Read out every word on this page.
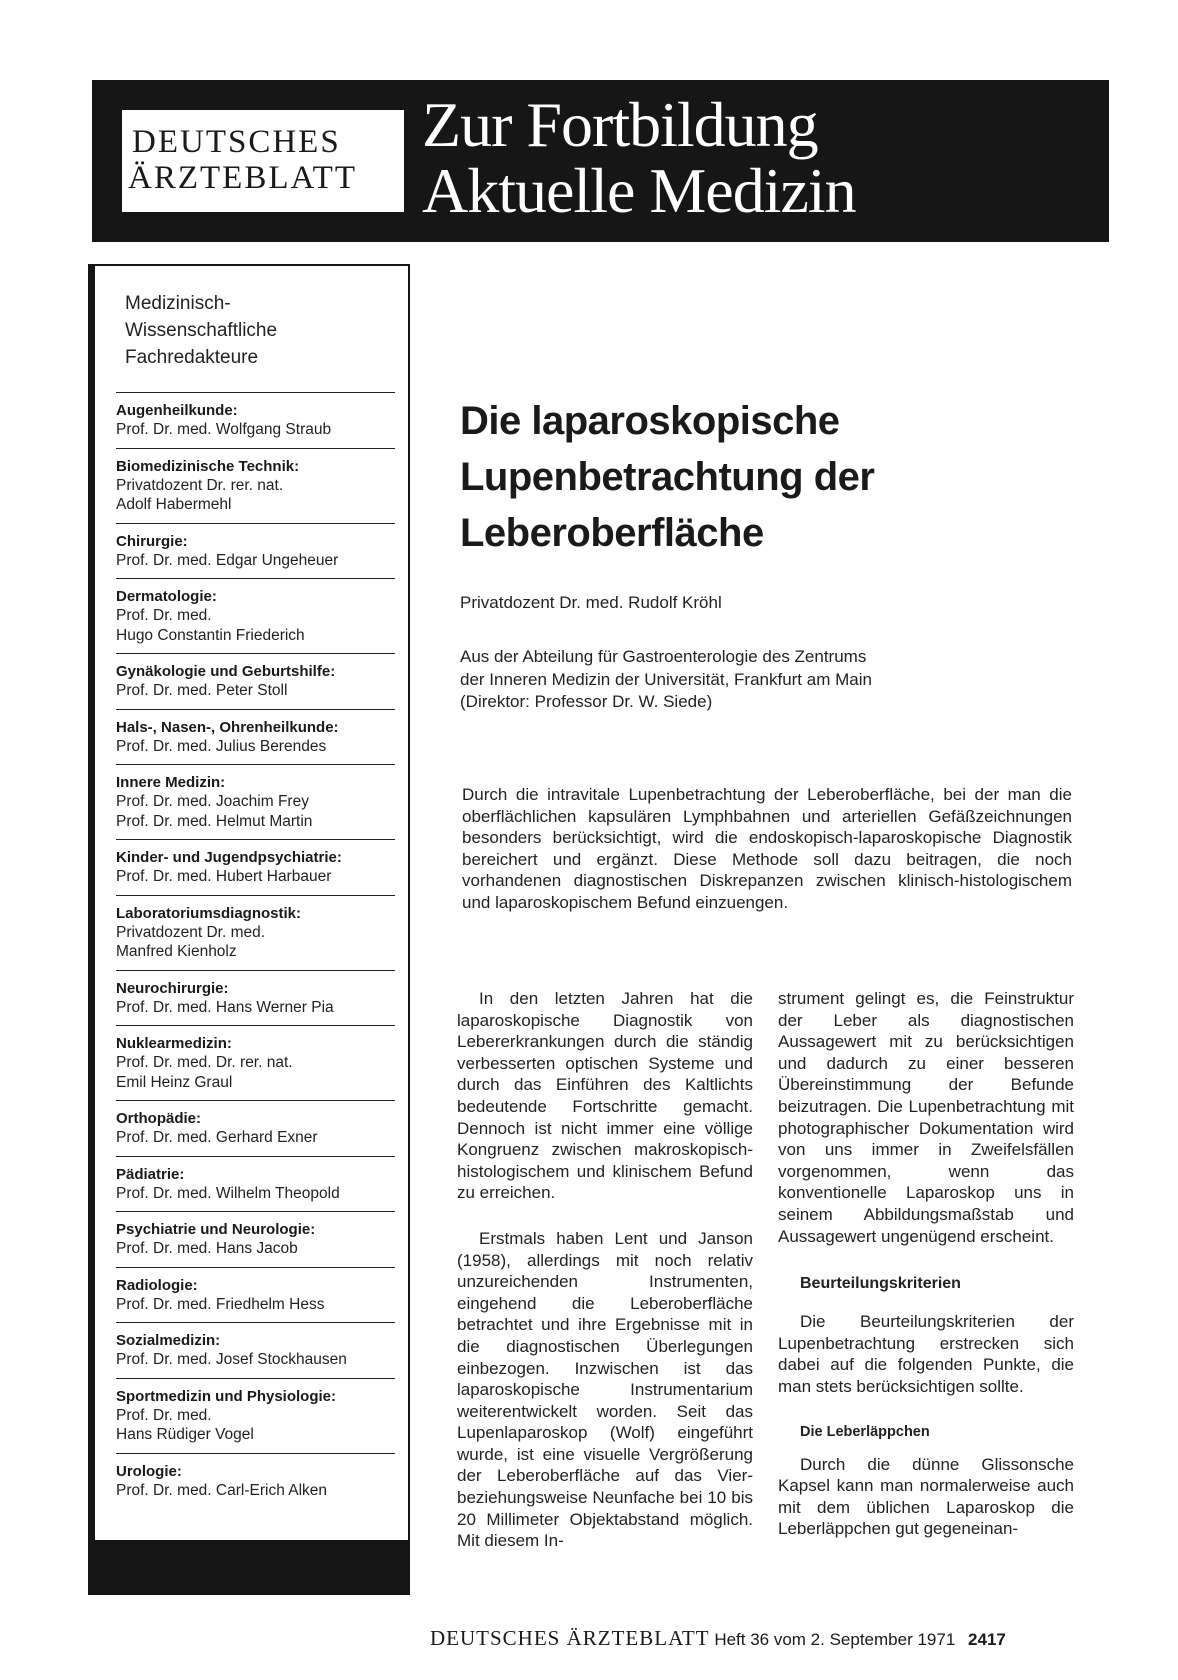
DEUTSCHES
ÄRZTEBLATT
Zur Fortbildung
Aktuelle Medizin
Medizinisch-
Wissenschaftliche
Fachredakteure
Augenheilkunde:
Prof. Dr. med. Wolfgang Straub
Biomedizinische Technik:
Privatdozent Dr. rer. nat.
Adolf Habermehl
Chirurgie:
Prof. Dr. med. Edgar Ungeheuer
Dermatologie:
Prof. Dr. med.
Hugo Constantin Friederich
Gynäkologie und Geburtshilfe:
Prof. Dr. med. Peter Stoll
Hals-, Nasen-, Ohrenheilkunde:
Prof. Dr. med. Julius Berendes
Innere Medizin:
Prof. Dr. med. Joachim Frey
Prof. Dr. med. Helmut Martin
Kinder- und Jugendpsychiatrie:
Prof. Dr. med. Hubert Harbauer
Laboratoriumsdiagnostik:
Privatdozent Dr. med.
Manfred Kienholz
Neurochirurgie:
Prof. Dr. med. Hans Werner Pia
Nuklearmedizin:
Prof. Dr. med. Dr. rer. nat.
Emil Heinz Graul
Orthopädie:
Prof. Dr. med. Gerhard Exner
Pädiatrie:
Prof. Dr. med. Wilhelm Theopold
Psychiatrie und Neurologie:
Prof. Dr. med. Hans Jacob
Radiologie:
Prof. Dr. med. Friedhelm Hess
Sozialmedizin:
Prof. Dr. med. Josef Stockhausen
Sportmedizin und Physiologie:
Prof. Dr. med.
Hans Rüdiger Vogel
Urologie:
Prof. Dr. med. Carl-Erich Alken
Die laparoskopische
Lupenbetrachtung der
Leberoberfläche
Privatdozent Dr. med. Rudolf Kröhl
Aus der Abteilung für Gastroenterologie des Zentrums
der Inneren Medizin der Universität, Frankfurt am Main
(Direktor: Professor Dr. W. Siede)

Durch die intravitale Lupenbetrachtung der Leberoberfläche, bei der man die oberflächlichen kapsulären Lymphbahnen und arteriellen Gefäßzeichnungen besonders berücksichtigt, wird die endoskopisch-laparoskopische Diagnostik bereichert und ergänzt. Diese Methode soll dazu beitragen, die noch vorhandenen diagnostischen Diskrepanzen zwischen klinisch-histologischem und laparoskopischem Befund einzuengen.

In den letzten Jahren hat die laparoskopische Diagnostik von Lebererkrankungen durch die ständig verbesserten optischen Systeme und durch das Einführen des Kaltlichts bedeutende Fortschritte gemacht. Dennoch ist nicht immer eine völlige Kongruenz zwischen makroskopisch-histologischem und klinischem Befund zu erreichen.

Erstmals haben Lent und Janson (1958), allerdings mit noch relativ unzureichenden Instrumenten, eingehend die Leberoberfläche betrachtet und ihre Ergebnisse mit in die diagnostischen Überlegungen einbezogen. Inzwischen ist das laparoskopische Instrumentarium weiterentwickelt worden. Seit das Lupenlaparoskop (Wolf) eingeführt wurde, ist eine visuelle Vergrößerung der Leberoberfläche auf das Vier- beziehungsweise Neunfache bei 10 bis 20 Millimeter Objektabstand möglich. Mit diesem In-

strument gelingt es, die Feinstruktur der Leber als diagnostischen Aussagewert mit zu berücksichtigen und dadurch zu einer besseren Übereinstimmung der Befunde beizutragen. Die Lupenbetrachtung mit photographischer Dokumentation wird von uns immer in Zweifelsfällen vorgenommen, wenn das konventionelle Laparoskop uns in seinem Abbildungsmaßstab und Aussagewert ungenügend erscheint.

Beurteilungskriterien

Die Beurteilungskriterien der Lupenbetrachtung erstrecken sich dabei auf die folgenden Punkte, die man stets berücksichtigen sollte.

Die Leberläppchen

Durch die dünne Glissonsche Kapsel kann man normalerweise auch mit dem üblichen Laparoskop die Leberläppchen gut gegeneinan-

DEUTSCHES ÄRZTEBLATT Heft 36 vom 2. September 1971 2417
